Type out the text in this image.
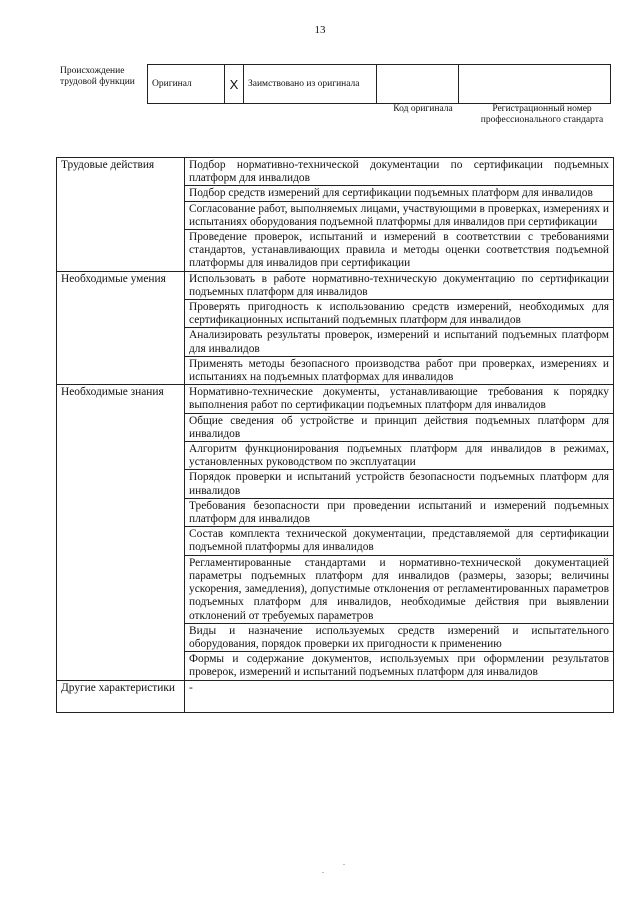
13
Происхождение трудовой функции	Оригинал	X	Заимствовано из оригинала		
Код оригинала	Регистрационный номер профессионального стандарта
Трудовые действия	Подбор нормативно-технической документации по сертификации подъемных платформ для инвалидов
	Подбор средств измерений для сертификации подъемных платформ для инвалидов
	Согласование работ, выполняемых лицами, участвующими в проверках, измерениях и испытаниях оборудования подъемной платформы для инвалидов при сертификации
	Проведение проверок, испытаний и измерений в соответствии с требованиями стандартов, устанавливающих правила и методы оценки соответствия подъемной платформы для инвалидов при сертификации
Необходимые умения	Использовать в работе нормативно-техническую документацию по сертификации подъемных платформ для инвалидов
	Проверять пригодность к использованию средств измерений, необходимых для сертификационных испытаний подъемных платформ для инвалидов
	Анализировать результаты проверок, измерений и испытаний подъемных платформ для инвалидов
	Применять методы безопасного производства работ при проверках, измерениях и испытаниях на подъемных платформах для инвалидов
Необходимые знания	Нормативно-технические документы, устанавливающие требования к порядку выполнения работ по сертификации подъемных платформ для инвалидов
	Общие сведения об устройстве и принцип действия подъемных платформ для инвалидов
	Алгоритм функционирования подъемных платформ для инвалидов в режимах, установленных руководством по эксплуатации
	Порядок проверки и испытаний устройств безопасности подъемных платформ для инвалидов
	Требования безопасности при проведении испытаний и измерений подъемных платформ для инвалидов
	Состав комплекта технической документации, представляемой для сертификации подъемной платформы для инвалидов
	Регламентированные стандартами и нормативно-технической документацией параметры подъемных платформ для инвалидов (размеры, зазоры; величины ускорения, замедления), допустимые отклонения от регламентированных параметров подъемных платформ для инвалидов, необходимые действия при выявлении отклонений от требуемых параметров
	Виды и назначение используемых средств измерений и испытательного оборудования, порядок проверки их пригодности к применению
	Формы и содержание документов, используемых при оформлении результатов проверок, измерений и испытаний подъемных платформ для инвалидов
Другие характеристики	-
.
.
